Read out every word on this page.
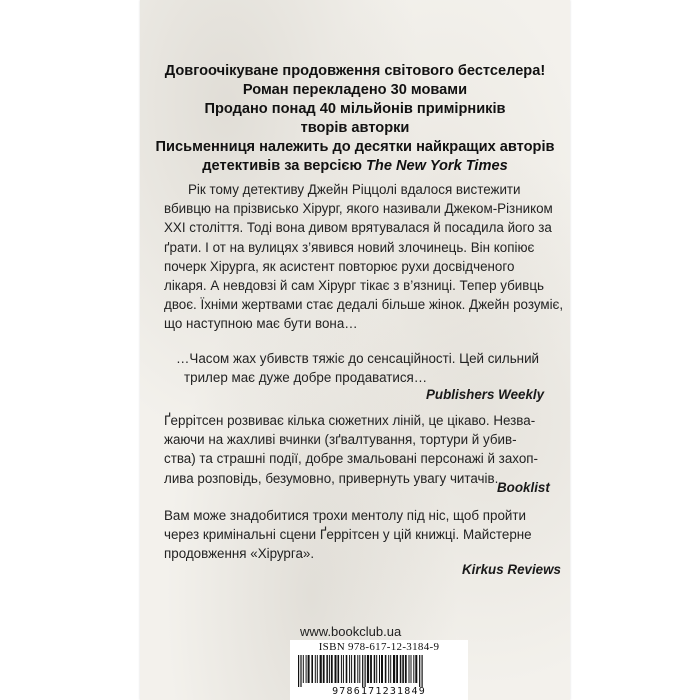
Довгоочікуване продовження світового бестселера!
Роман перекладено 30 мовами
Продано понад 40 мільйонів примірників
творів авторки
Письменниця належить до десятки найкращих авторів
детективів за версією The New York Times
Рік тому детективу Джейн Ріццолі вдалося вистежити
вбивцю на прізвисько Хірург, якого називали Джеком-Різником
XXI століття. Тоді вона дивом врятувалася й посадила його за
ґрати. І от на вулицях з’явився новий злочинець. Він копіює
почерк Хірурга, як асистент повторює рухи досвідченого
лікаря. А невдовзі й сам Хірург тікає з в’язниці. Тепер убивць
двоє. Їхніми жертвами стає дедалі більше жінок. Джейн розуміє,
що наступною має бути вона…
…Часом жах убивств тяжіє до сенсаційності. Цей сильний
трилер має дуже добре продаватися…
Publishers Weekly
Ґеррітсен розвиває кілька сюжетних ліній, це цікаво. Незва-
жаючи на жахливі вчинки (зґвалтування, тортури й убив-
ства) та страшні події, добре змальовані персонажі й захоп-
лива розповідь, безумовно, привернуть увагу читачів.
Booklist
Вам може знадобитися трохи ментолу під ніс, щоб пройти
через кримінальні сцени Ґеррітсен у цій книжці. Майстерне
продовження «Хірурга».
Kirkus Reviews
www.bookclub.ua
ISBN 978-617-12-3184-9
9786171231849
